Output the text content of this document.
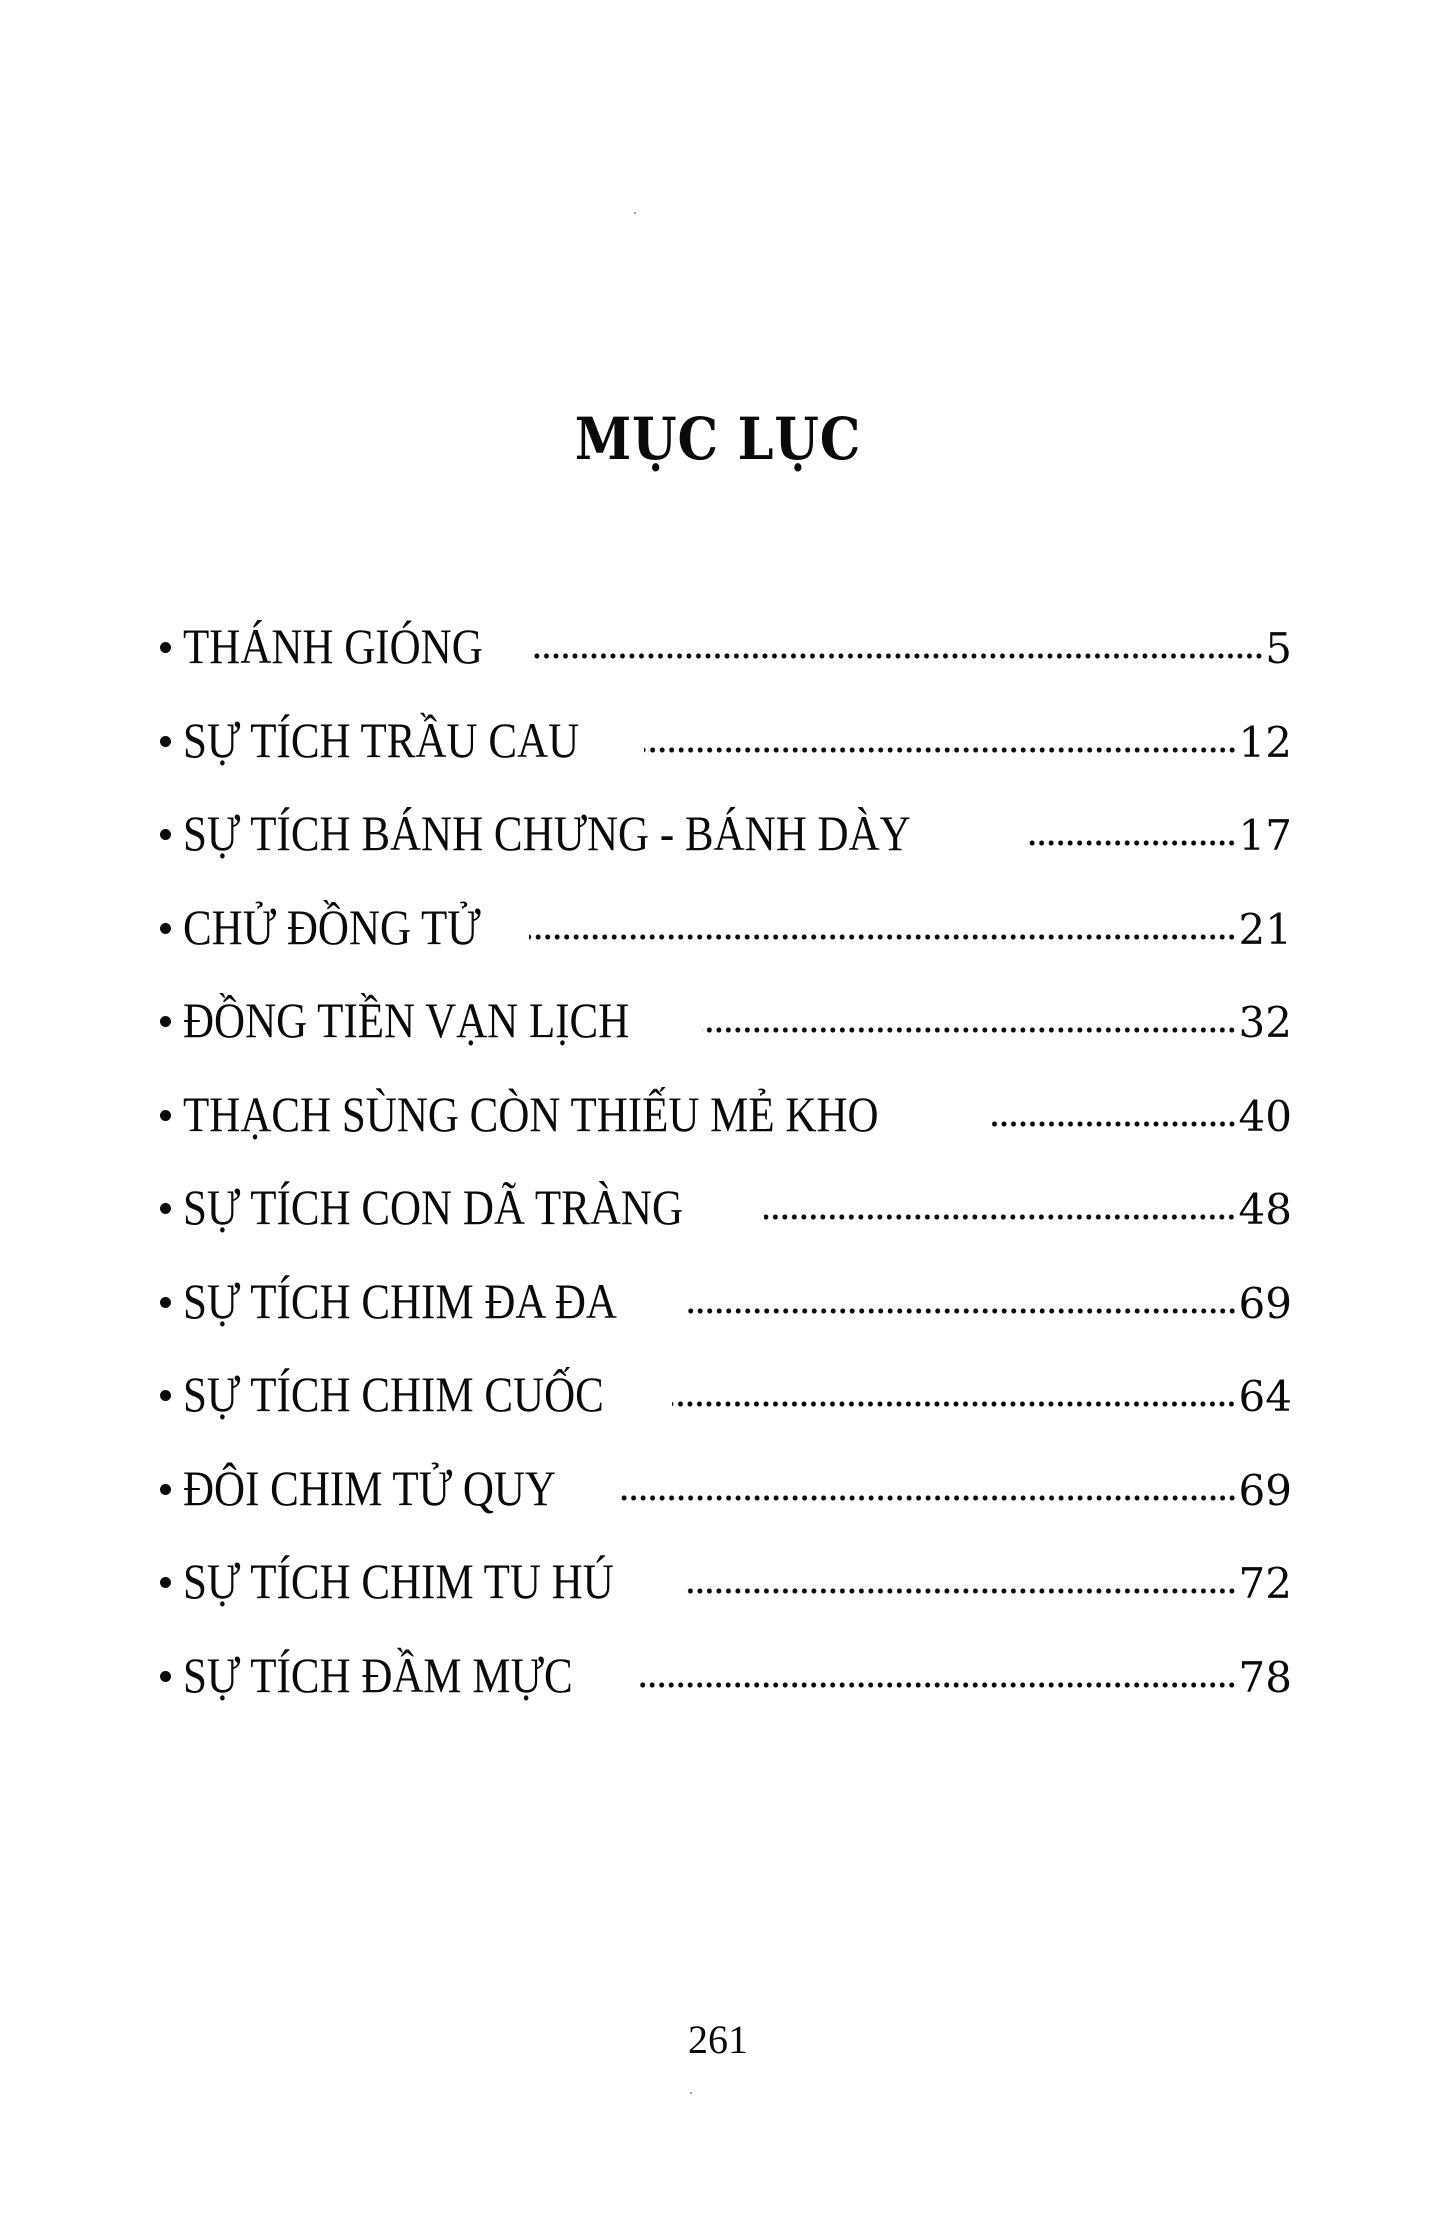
MỤC LỤC
THÁNH GIÓNG	5
SỰ TÍCH TRẦU CAU	12
SỰ TÍCH BÁNH CHƯNG - BÁNH DÀY	17
CHỬ ĐỒNG TỬ	21
ĐỒNG TIỀN VẠN LỊCH	32
THẠCH SÙNG CÒN THIẾU MẺ KHO	40
SỰ TÍCH CON DÃ TRÀNG	48
SỰ TÍCH CHIM ĐA ĐA	69
SỰ TÍCH CHIM CUỐC	64
ĐÔI CHIM TỬ QUY	69
SỰ TÍCH CHIM TU HÚ	72
SỰ TÍCH ĐẦM MỰC	78
261
